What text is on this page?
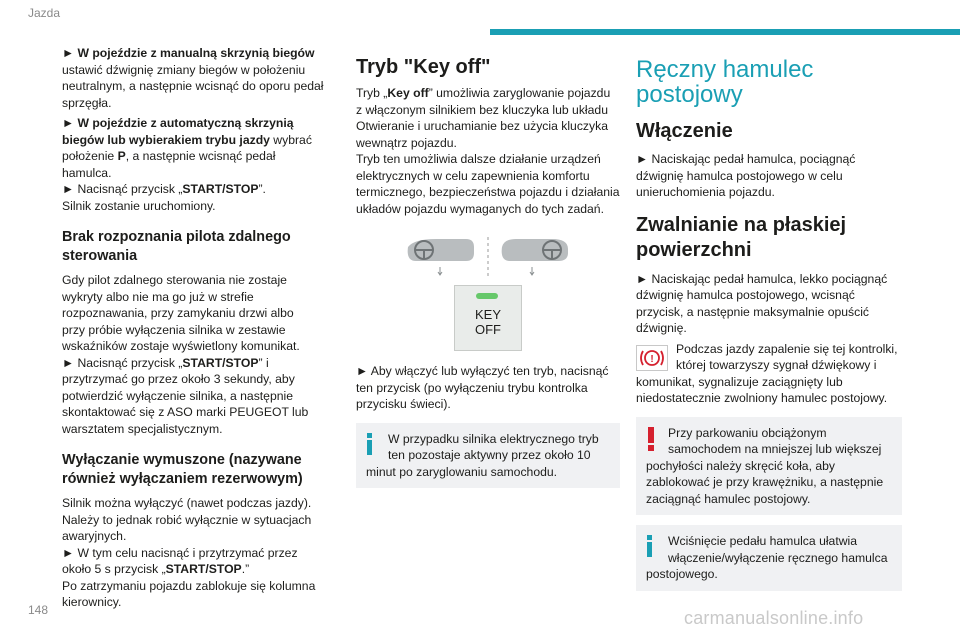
Jazda

► W pojeździe z manualną skrzynią biegów
ustawić dźwignię zmiany biegów w położeniu
neutralnym, a następnie wcisnąć do oporu pedał
sprzęgła.

► W pojeździe z automatyczną skrzynią
biegów lub wybierakiem trybu jazdy wybrać
położenie P, a następnie wcisnąć pedał
hamulca.
► Nacisnąć przycisk „START/STOP”.
Silnik zostanie uruchomiony.

Brak rozpoznania pilota zdalnego sterowania

Gdy pilot zdalnego sterowania nie zostaje
wykryty albo nie ma go już w strefie
rozpoznawania, przy zamykaniu drzwi albo
przy próbie wyłączenia silnika w zestawie
wskaźników zostaje wyświetlony komunikat.
► Nacisnąć przycisk „START/STOP” i
przytrzymać go przez około 3 sekundy, aby
potwierdzić wyłączenie silnika, a następnie
skontaktować się z ASO marki PEUGEOT lub
warsztatem specjalistycznym.

Wyłączanie wymuszone (nazywane również wyłączaniem rezerwowym)

Silnik można wyłączyć (nawet podczas jazdy).
Należy to jednak robić wyłącznie w sytuacjach
awaryjnych.
► W tym celu nacisnąć i przytrzymać przez
około 5 s przycisk „START/STOP.”
Po zatrzymaniu pojazdu zablokuje się kolumna
kierownicy.

Tryb "Key off"

Tryb „Key off” umożliwia zaryglowanie pojazdu
z włączonym silnikiem bez kluczyka lub układu
Otwieranie i uruchamianie bez użycia kluczyka
wewnątrz pojazdu.
Tryb ten umożliwia dalsze działanie urządzeń
elektrycznych w celu zapewnienia komfortu
termicznego, bezpieczeństwa pojazdu i działania
układów pojazdu wymaganych do tych zadań.

KEY
OFF

► Aby włączyć lub wyłączyć ten tryb, nacisnąć
ten przycisk (po wyłączeniu trybu kontrolka
przycisku świeci).

W przypadku silnika elektrycznego tryb
ten pozostaje aktywny przez około 10
minut po zaryglowaniu samochodu.

Ręczny hamulec
postojowy
Włączenie

► Naciskając pedał hamulca, pociągnąć
dźwignię hamulca postojowego w celu
unieruchomienia pojazdu.

Zwalnianie na płaskiej
powierzchni

► Naciskając pedał hamulca, lekko pociągnąć
dźwignię hamulca postojowego, wcisnąć
przycisk, a następnie maksymalnie opuścić
dźwignię.

!

Podczas jazdy zapalenie się tej kontrolki,
której towarzyszy sygnał dźwiękowy i

komunikat, sygnalizuje zaciągnięty lub
niedostatecznie zwolniony hamulec postojowy.

Przy parkowaniu obciążonym
samochodem na mniejszej lub większej
pochyłości należy skręcić koła, aby
zablokować je przy krawężniku, a następnie
zaciągnąć hamulec postojowy.

Wciśnięcie pedału hamulca ułatwia
włączenie/wyłączenie ręcznego hamulca
postojowego.

148	carmanualsonline.info
